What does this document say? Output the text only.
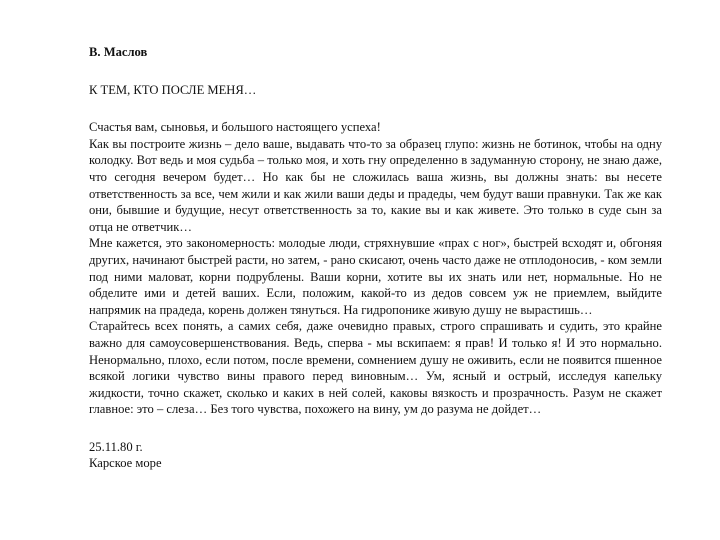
В. Маслов

К ТЕМ, КТО ПОСЛЕ МЕНЯ…

Счастья вам, сыновья, и большого настоящего успеха!

Как вы построите жизнь – дело ваше, выдавать что-то за образец глупо: жизнь не ботинок, чтобы на одну колодку. Вот ведь и моя судьба – только моя, и хоть гну определенно в задуманную сторону, не знаю даже, что сегодня вечером будет… Но как бы не сложилась ваша жизнь, вы должны знать: вы несете ответственность за все, чем жили и как жили ваши деды и прадеды, чем будут ваши правнуки. Так же как они, бывшие и будущие, несут ответственность за то, какие вы и как живете. Это только в суде сын за отца не ответчик…

Мне кажется, это закономерность: молодые люди, стряхнувшие «прах с ног», быстрей всходят и, обгоняя других, начинают быстрей расти, но затем, - рано скисают, очень часто даже не отплодоносив, - ком земли под ними маловат, корни подрублены. Ваши корни, хотите вы их знать или нет, нормальные. Но не обделите ими и детей ваших. Если, положим, какой-то из дедов совсем уж не приемлем, выйдите напрямик на прадеда, корень должен тянуться. На гидропонике живую душу не вырастишь…

Старайтесь всех понять, а самих себя, даже очевидно правых, строго спрашивать и судить, это крайне важно для самоусовершенствования. Ведь, сперва - мы вскипаем: я прав! И только я! И это нормально. Ненормально, плохо, если потом, после времени, сомнением душу не оживить, если не появится пшенное всякой логики чувство вины правого перед виновным… Ум, ясный и острый, исследуя капельку жидкости, точно скажет, сколько и каких в ней солей, каковы вязкость и прозрачность. Разум не скажет главное: это – слеза… Без того чувства, похожего на вину, ум до разума не дойдет…

25.11.80 г.

Карское море
